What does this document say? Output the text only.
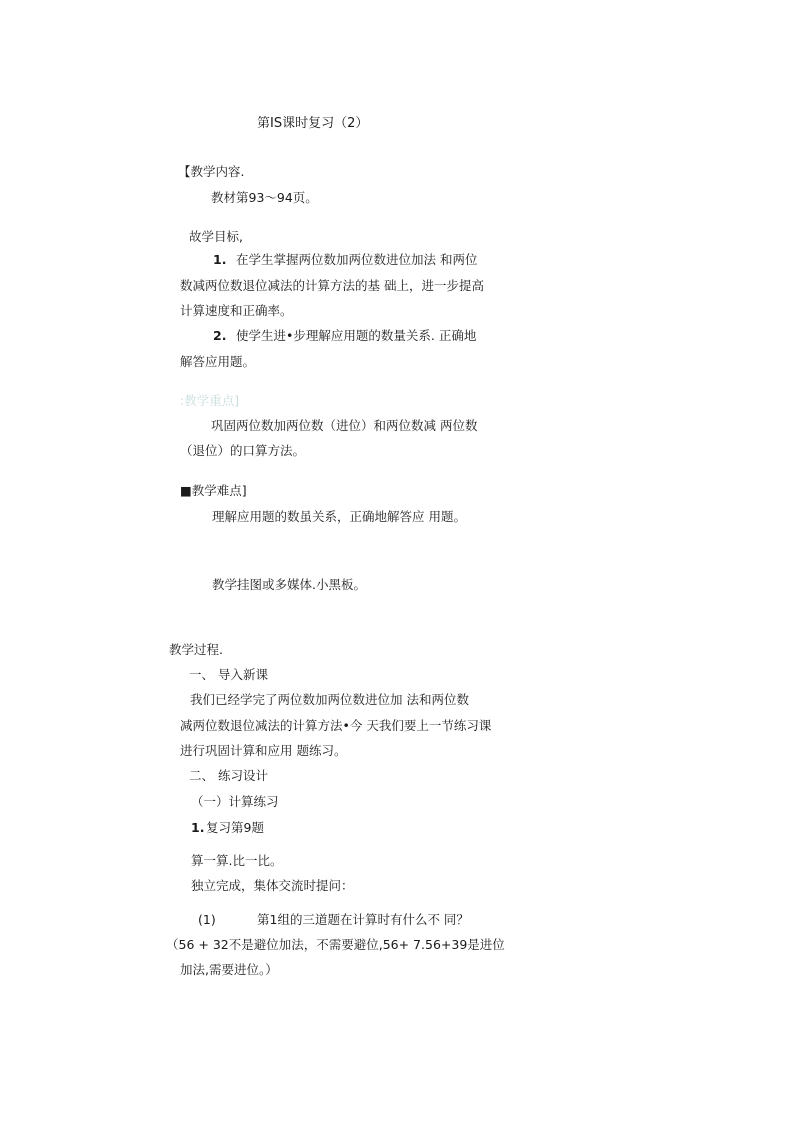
第IS课时复习（2）
【教学内容.
教材第93〜94页。
故学目标,
1. 在学生掌握两位数加两位数进位加法 和两位
数减两位数退位减法的计算方法的基 础上，进一步提高
计算速度和正确率。
2. 使学生进•步理解应用题的数量关系. 正确地
解答应用题。
:教学重点]
巩固两位数加两位数（进位）和两位数减 两位数
（退位）的口算方法。
■教学难点]
理解应用题的数虽关系，正确地解答应 用题。
教学挂图或多媒体.小黑板。
教学过程.
一、 导入新课
我们已经学完了两位数加两位数进位加 法和两位数
减两位数退位减法的计算方法•今 天我们要上一节练习课
进行巩固计算和应用 题练习。
二、 练习设计
（一）计算练习
1. 复习第9题
算一算.比一比。
独立完成，集体交流时提问：
(1)	第1组的三道题在计算时有什么不 同？
（56 + 32不是避位加法，不需要避位,56+ 7.56+39是进位
加法,需要进位。）
